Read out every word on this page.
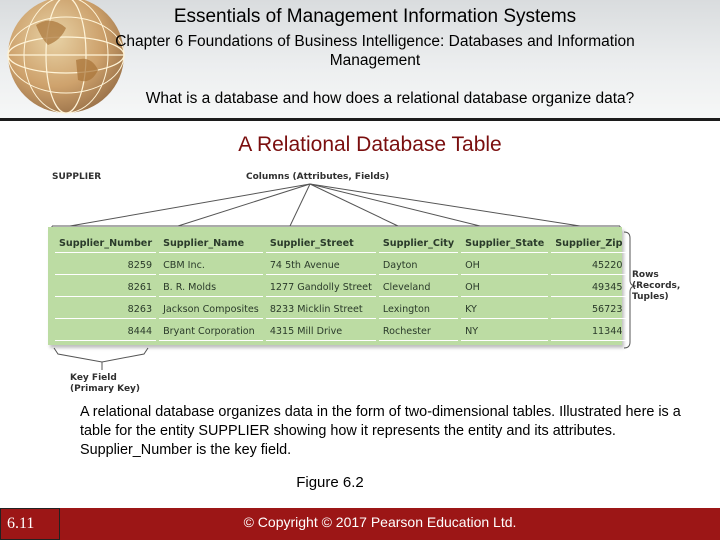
Essentials of Management Information Systems
Chapter 6 Foundations of Business Intelligence: Databases and Information Management
What is a database and how does a relational database organize data?
A Relational Database Table
SUPPLIER	Columns (Attributes, Fields)
Rows
(Records,
Tuples)
Key Field
(Primary Key)
Supplier_Number	Supplier_Name	Supplier_Street	Supplier_City	Supplier_State	Supplier_Zip
8259	CBM Inc.	74 5th Avenue	Dayton	OH	45220
8261	B. R. Molds	1277 Gandolly Street	Cleveland	OH	49345
8263	Jackson Composites	8233 Micklin Street	Lexington	KY	56723
8444	Bryant Corporation	4315 Mill Drive	Rochester	NY	11344
A relational database organizes data in the form of two-dimensional tables. Illustrated here is a table for the entity SUPPLIER showing how it represents the entity and its attributes. Supplier_Number is the key field.
Figure 6.2
6.11	© Copyright © 2017 Pearson Education Ltd.
